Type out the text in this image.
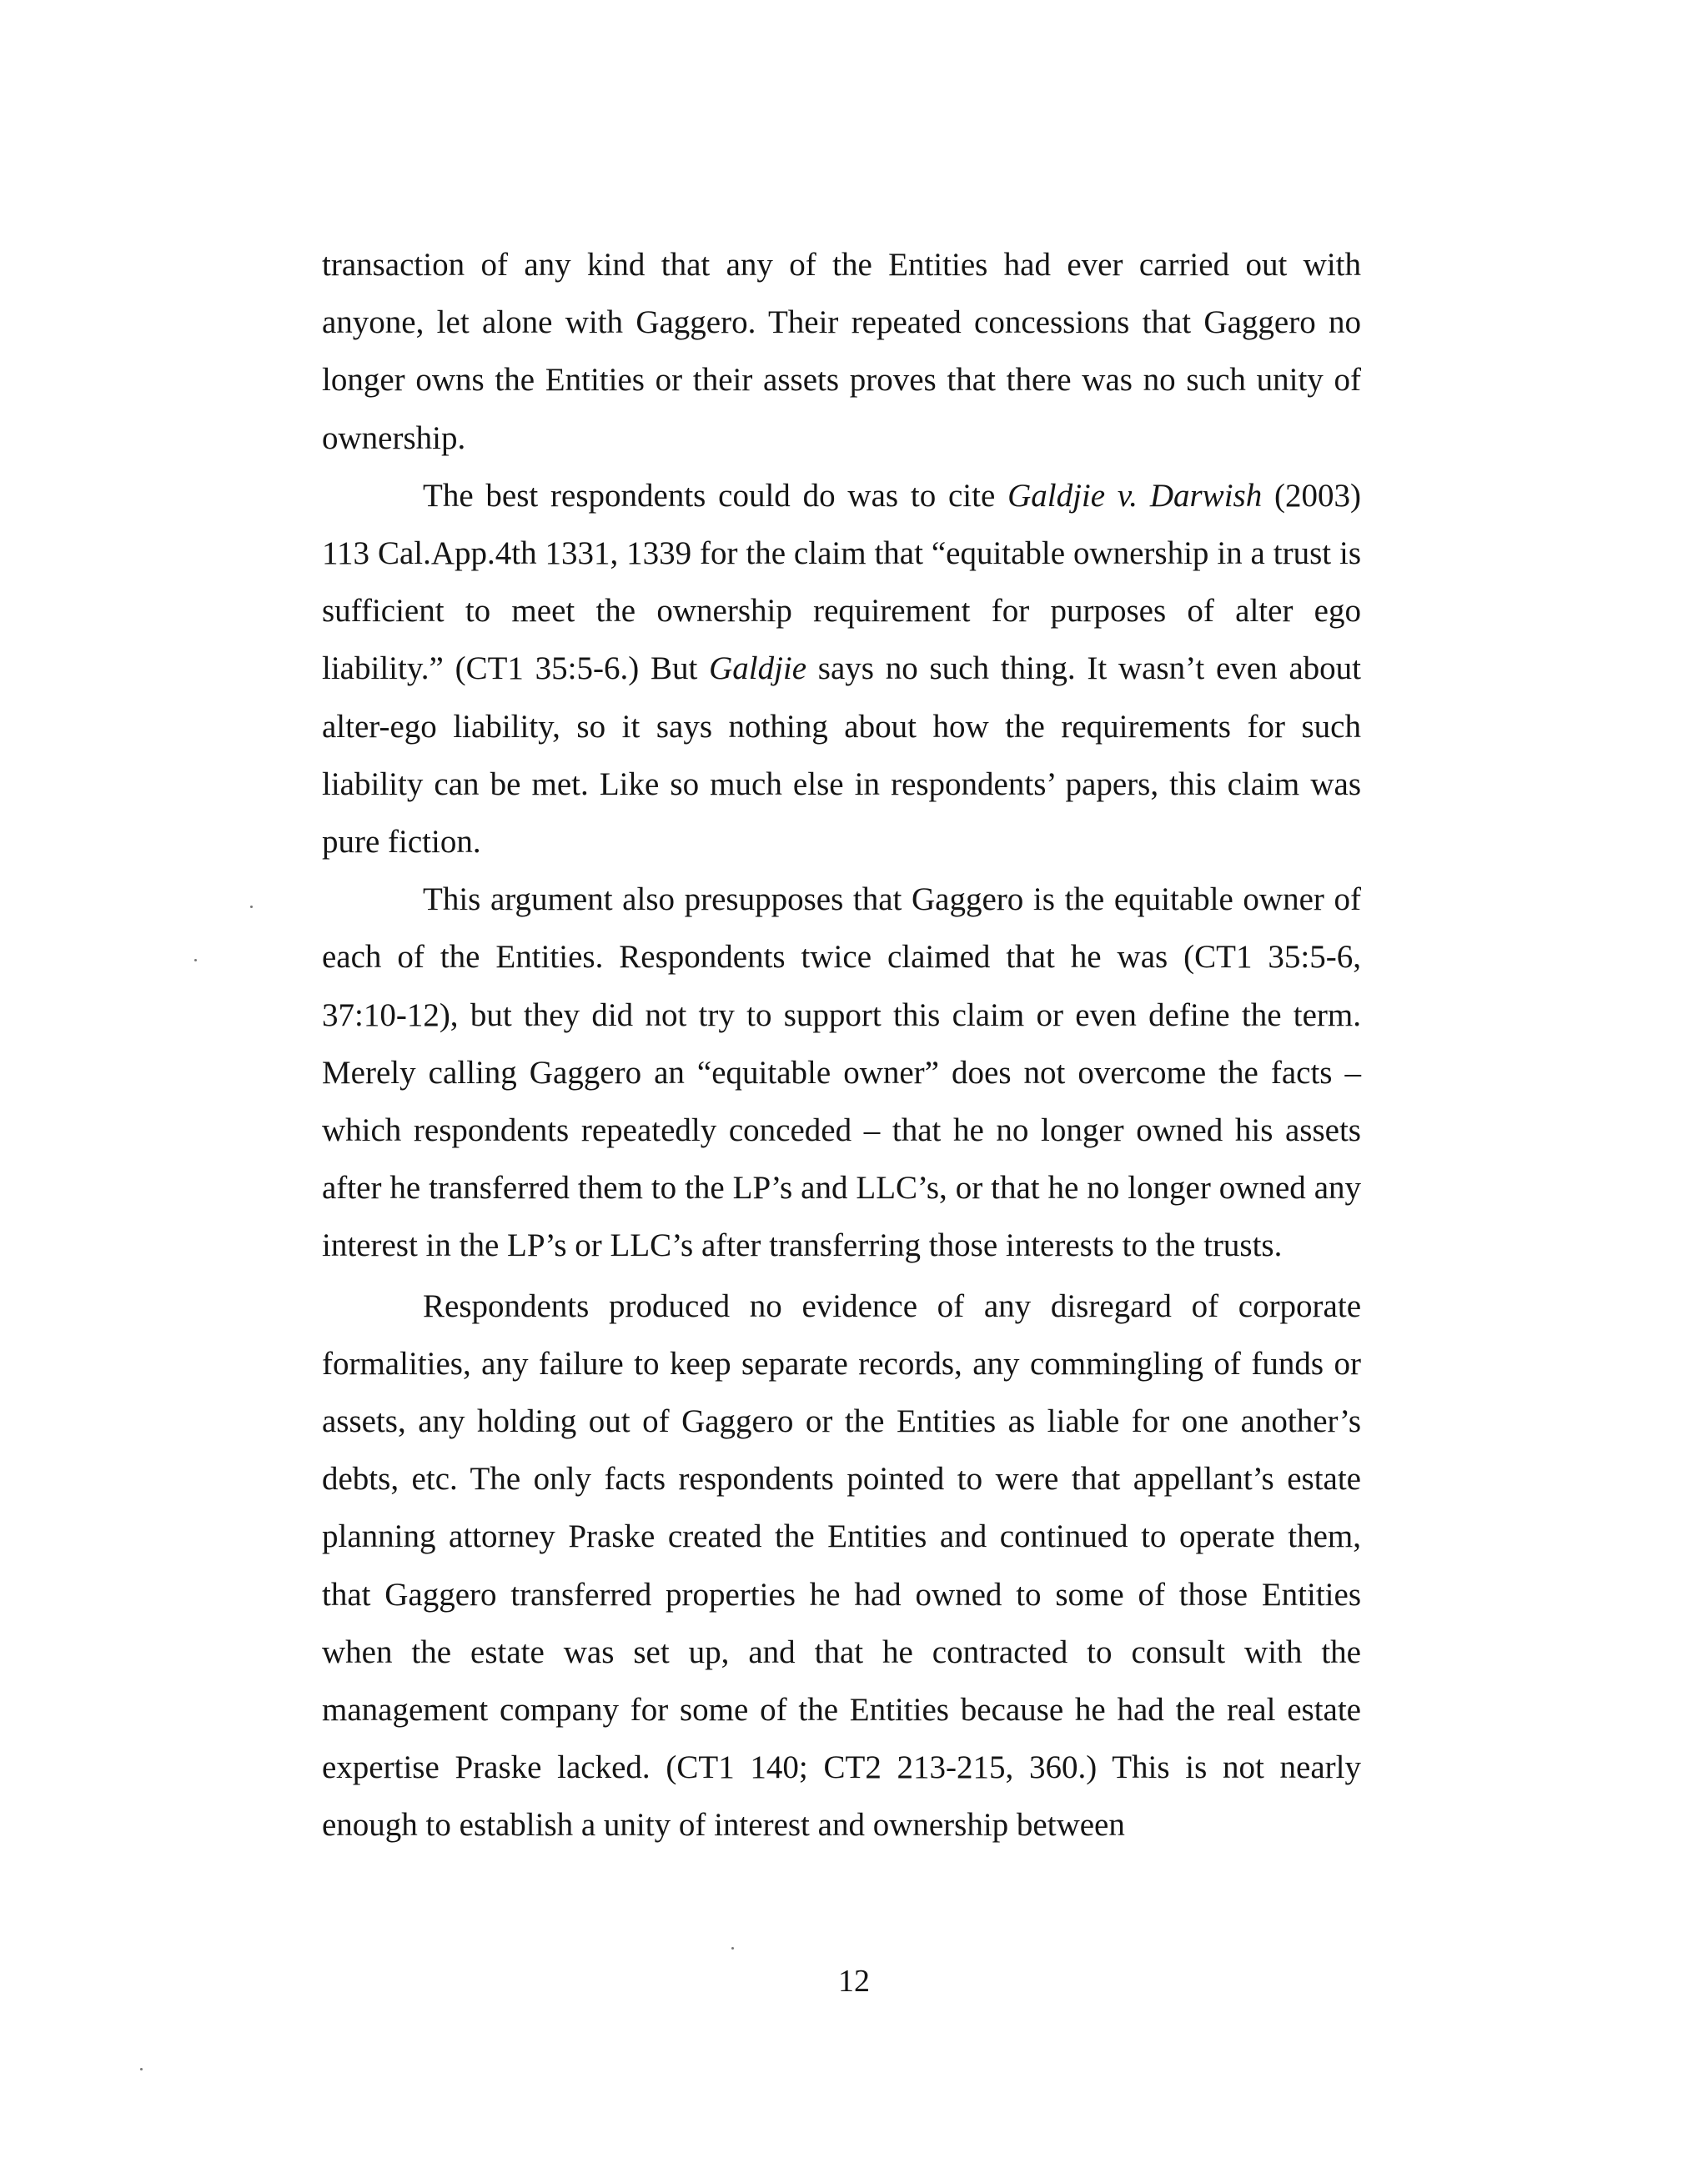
transaction of any kind that any of the Entities had ever carried out with anyone, let alone with Gaggero. Their repeated concessions that Gaggero no longer owns the Entities or their assets proves that there was no such unity of ownership.

The best respondents could do was to cite Galdjie v. Darwish (2003) 113 Cal.App.4th 1331, 1339 for the claim that “equitable ownership in a trust is sufficient to meet the ownership requirement for purposes of alter ego liability.” (CT1 35:5-6.) But Galdjie says no such thing. It wasn’t even about alter-ego liability, so it says nothing about how the requirements for such liability can be met. Like so much else in respondents’ papers, this claim was pure fiction.

This argument also presupposes that Gaggero is the equitable owner of each of the Entities. Respondents twice claimed that he was (CT1 35:5-6, 37:10-12), but they did not try to support this claim or even define the term. Merely calling Gaggero an “equitable owner” does not overcome the facts – which respondents repeatedly conceded – that he no longer owned his assets after he transferred them to the LP’s and LLC’s, or that he no longer owned any interest in the LP’s or LLC’s after transferring those interests to the trusts.

Respondents produced no evidence of any disregard of corporate formalities, any failure to keep separate records, any commingling of funds or assets, any holding out of Gaggero or the Entities as liable for one another’s debts, etc. The only facts respondents pointed to were that appellant’s estate planning attorney Praske created the Entities and continued to operate them, that Gaggero transferred properties he had owned to some of those Entities when the estate was set up, and that he contracted to consult with the management company for some of the Entities because he had the real estate expertise Praske lacked. (CT1 140; CT2 213-215, 360.) This is not nearly enough to establish a unity of interest and ownership between

12
